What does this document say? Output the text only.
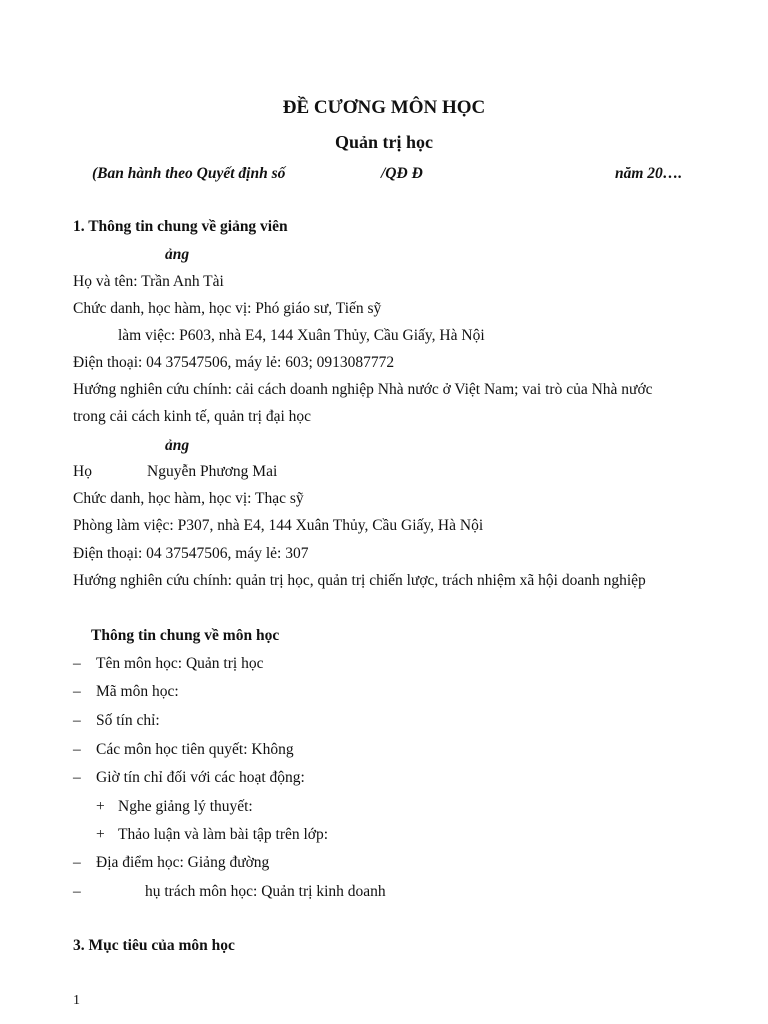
ĐỀ CƯƠNG MÔN HỌC
Quản trị học
(Ban hành theo Quyết định số	/QĐ Đ	năm 20….
1. Thông tin chung về giảng viên
ảng
Họ và tên: Trần Anh Tài
Chức danh, học hàm, học vị: Phó giáo sư, Tiến sỹ
làm việc: P603, nhà E4, 144 Xuân Thủy, Cầu Giấy, Hà Nội
Điện thoại: 04 37547506, máy lẻ: 603; 0913087772
Hướng nghiên cứu chính: cải cách doanh nghiệp Nhà nước ở Việt Nam; vai trò của Nhà nước
trong cải cách kinh tế, quản trị đại học
ảng
Họ	Nguyễn Phương Mai
Chức danh, học hàm, học vị: Thạc sỹ
Phòng làm việc: P307, nhà E4, 144 Xuân Thủy, Cầu Giấy, Hà Nội
Điện thoại: 04 37547506, máy lẻ: 307
Hướng nghiên cứu chính: quản trị học, quản trị chiến lược, trách nhiệm xã hội doanh nghiệp
Thông tin chung về môn học
– Tên môn học: Quản trị học
– Mã môn học:
– Số tín chỉ:
– Các môn học tiên quyết: Không
– Giờ tín chỉ đối với các hoạt động:
+ Nghe giảng lý thuyết:
+ Thảo luận và làm bài tập trên lớp:
– Địa điểm học: Giảng đường
–	hụ trách môn học: Quản trị kinh doanh
3. Mục tiêu của môn học
1
